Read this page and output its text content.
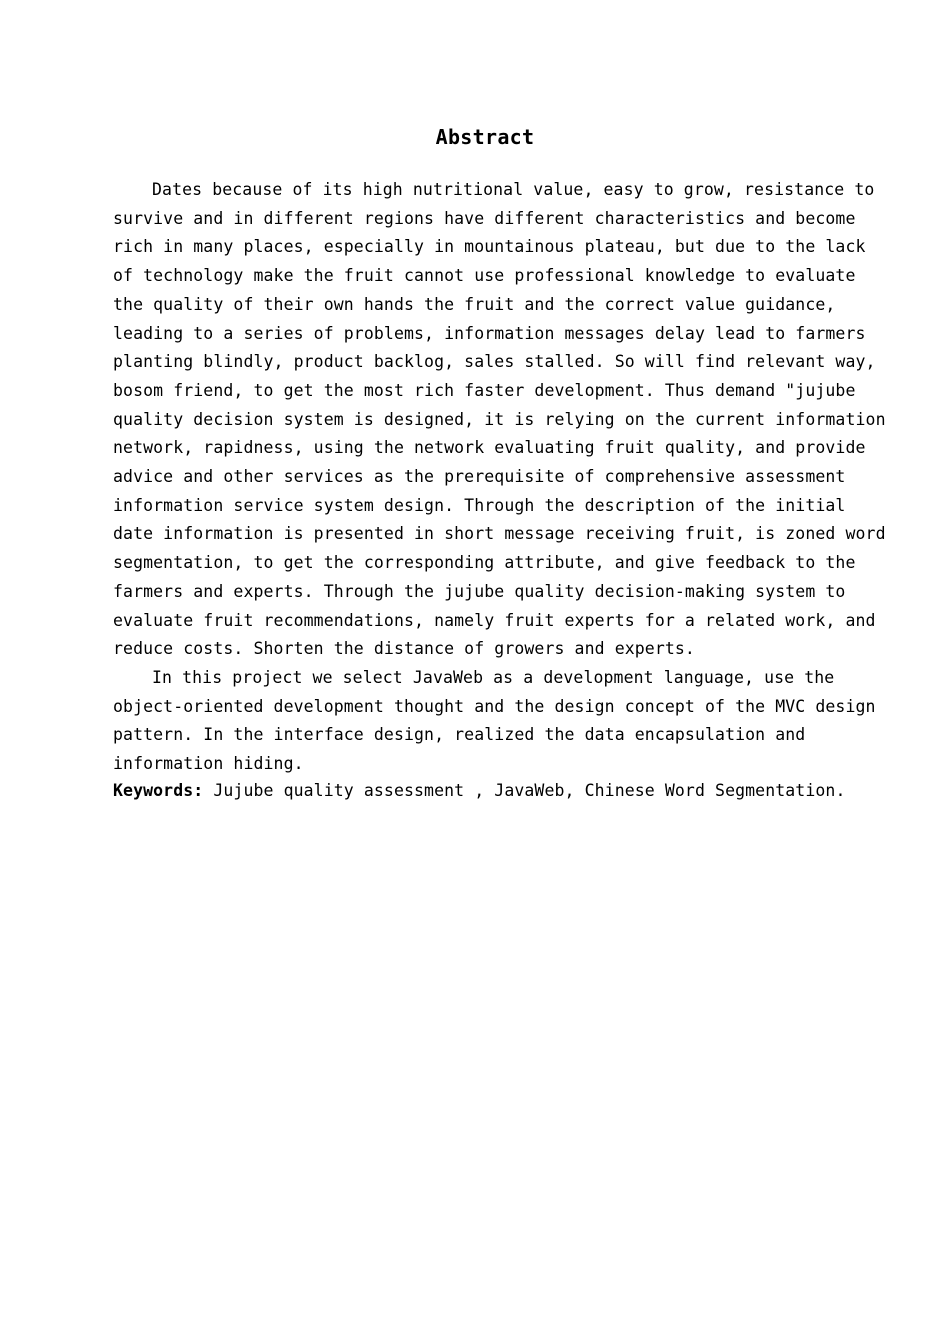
Abstract
Dates because of its high nutritional value, easy to grow, resistance to
survive and in different regions have different characteristics and become
rich in many places, especially in mountainous plateau, but due to the lack
of technology make the fruit cannot use professional knowledge to evaluate
the quality of their own hands the fruit and the correct value guidance,
leading to a series of problems, information messages delay lead to farmers
planting blindly, product backlog, sales stalled. So will find relevant way,
bosom friend, to get the most rich faster development. Thus demand "jujube
quality decision system is designed, it is relying on the current information
network, rapidness, using the network evaluating fruit quality, and provide
advice and other services as the prerequisite of comprehensive assessment
information service system design. Through the description of the initial
date information is presented in short message receiving fruit, is zoned word
segmentation, to get the corresponding attribute, and give feedback to the
farmers and experts. Through the jujube quality decision-making system to
evaluate fruit recommendations, namely fruit experts for a related work, and
reduce costs. Shorten the distance of growers and experts.
In this project we select JavaWeb as a development language, use the
object-oriented development thought and the design concept of the MVC design
pattern. In the interface design, realized the data encapsulation and
information hiding.
Keywords: Jujube quality assessment , JavaWeb, Chinese Word Segmentation.
